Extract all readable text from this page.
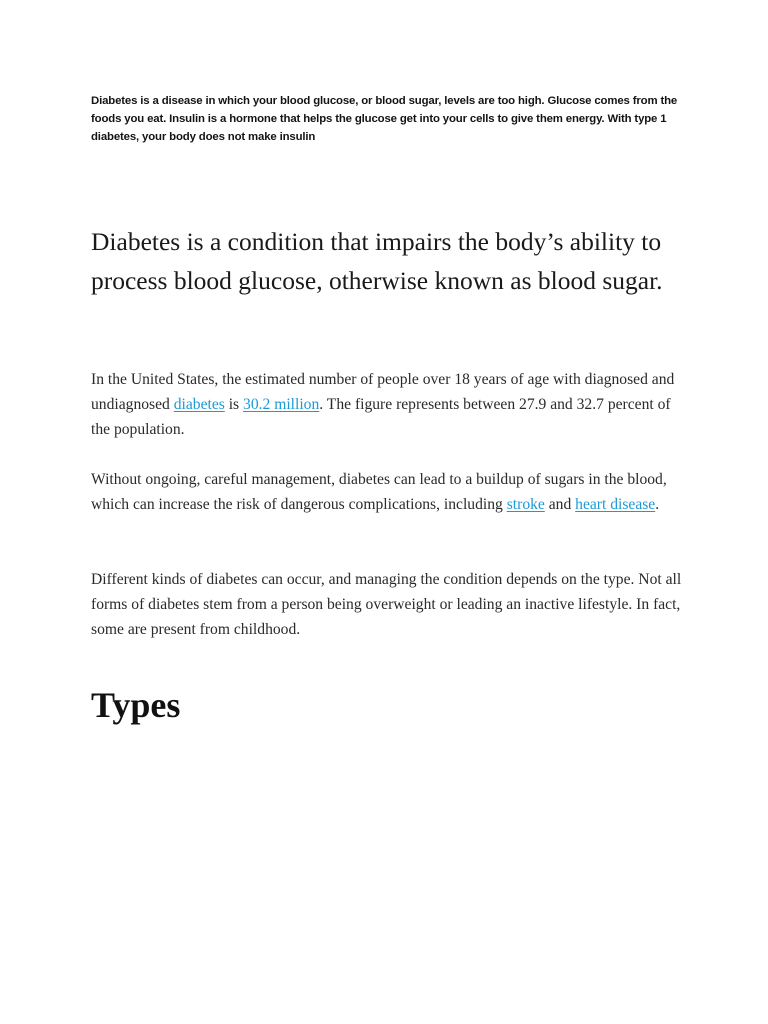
Diabetes is a disease in which your blood glucose, or blood sugar, levels are too high. Glucose comes from the foods you eat. Insulin is a hormone that helps the glucose get into your cells to give them energy. With type 1 diabetes, your body does not make insulin

Diabetes is a condition that impairs the body’s ability to process blood glucose, otherwise known as blood sugar.

In the United States, the estimated number of people over 18 years of age with diagnosed and undiagnosed diabetes is 30.2 million. The figure represents between 27.9 and 32.7 percent of the population.

Without ongoing, careful management, diabetes can lead to a buildup of sugars in the blood, which can increase the risk of dangerous complications, including stroke and heart disease.

Different kinds of diabetes can occur, and managing the condition depends on the type. Not all forms of diabetes stem from a person being overweight or leading an inactive lifestyle. In fact, some are present from childhood.

Types
